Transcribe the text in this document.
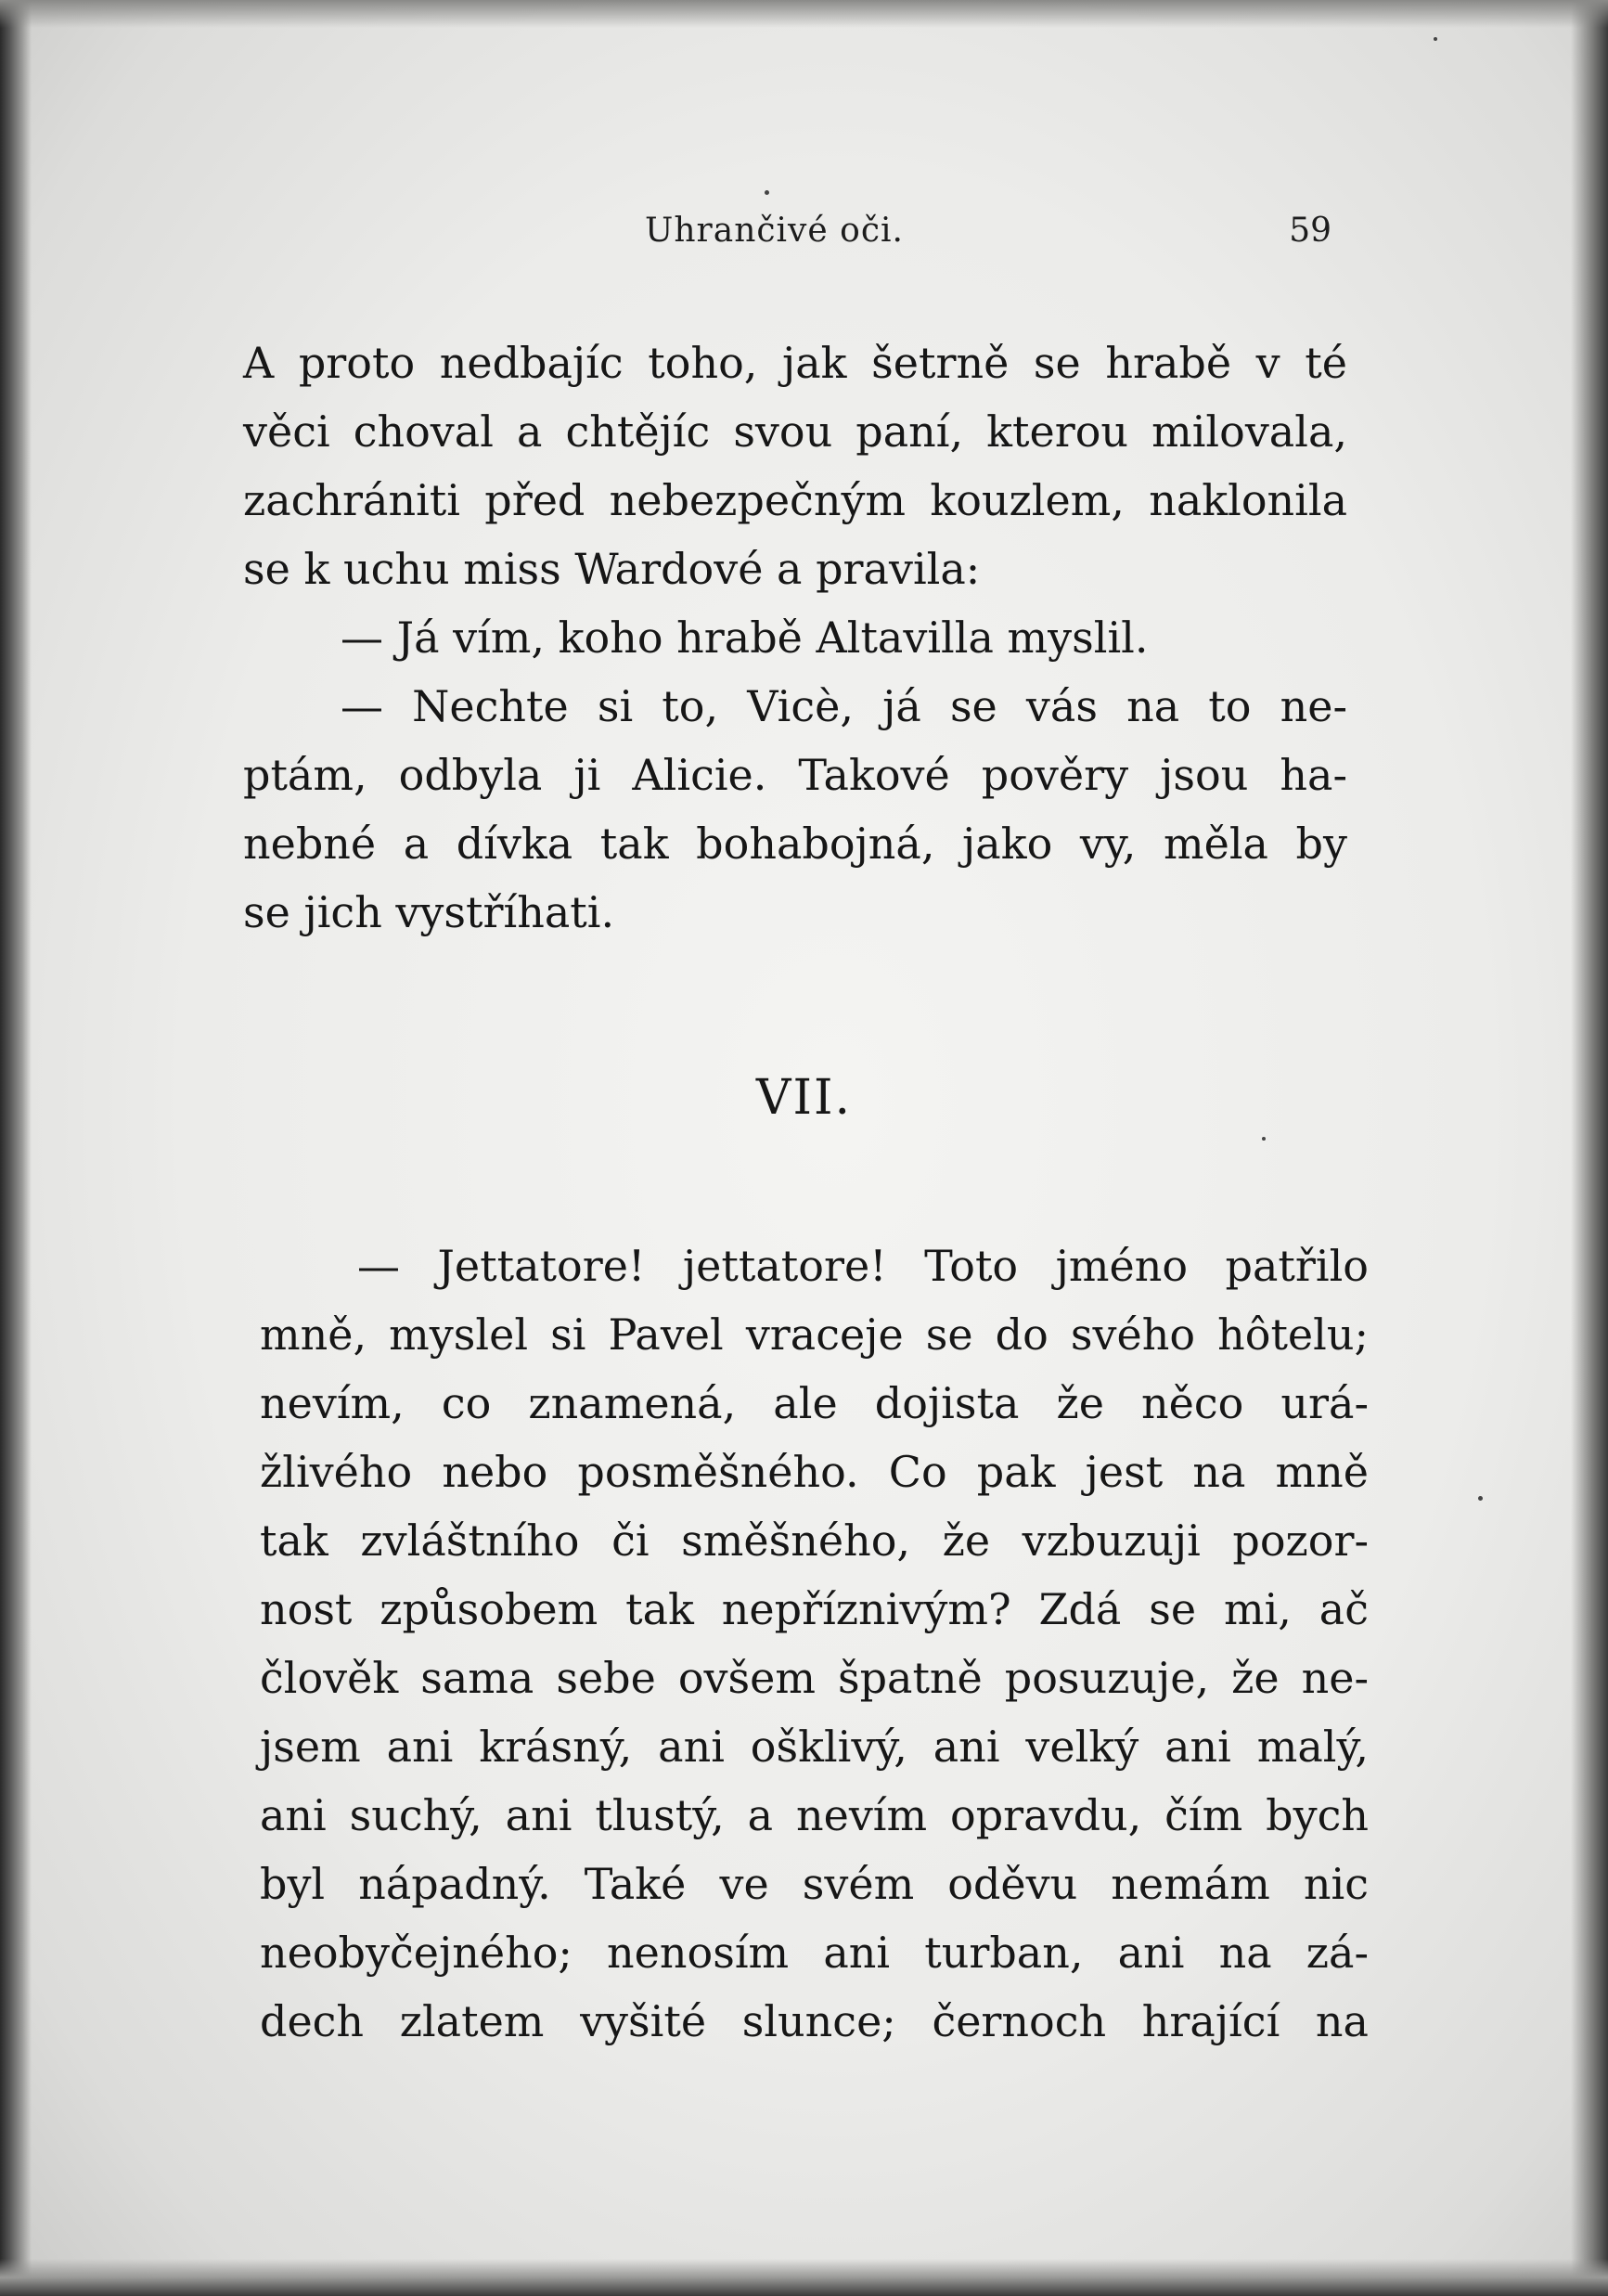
Uhrančivé oči.	59
A proto nedbajíc toho, jak šetrně se hrabě v té
věci choval a chtějíc svou paní, kterou milovala,
zachrániti před nebezpečným kouzlem, naklonila
se k uchu miss Wardové a pravila:
— Já vím, koho hrabě Altavilla myslil.
— Nechte si to, Vicè, já se vás na to ne-
ptám, odbyla ji Alicie. Takové pověry jsou ha-
nebné a dívka tak bohabojná, jako vy, měla by
se jich vystříhati.
VII.
— Jettatore! jettatore! Toto jméno patřilo
mně, myslel si Pavel vraceje se do svého hôtelu;
nevím, co znamená, ale dojista že něco urá-
žlivého nebo posměšného. Co pak jest na mně
tak zvláštního či směšného, že vzbuzuji pozor-
nost způsobem tak nepříznivým? Zdá se mi, ač
člověk sama sebe ovšem špatně posuzuje, že ne-
jsem ani krásný, ani ošklivý, ani velký ani malý,
ani suchý, ani tlustý, a nevím opravdu, čím bych
byl nápadný. Také ve svém oděvu nemám nic
neobyčejného; nenosím ani turban, ani na zá-
dech zlatem vyšité slunce; černoch hrající na
